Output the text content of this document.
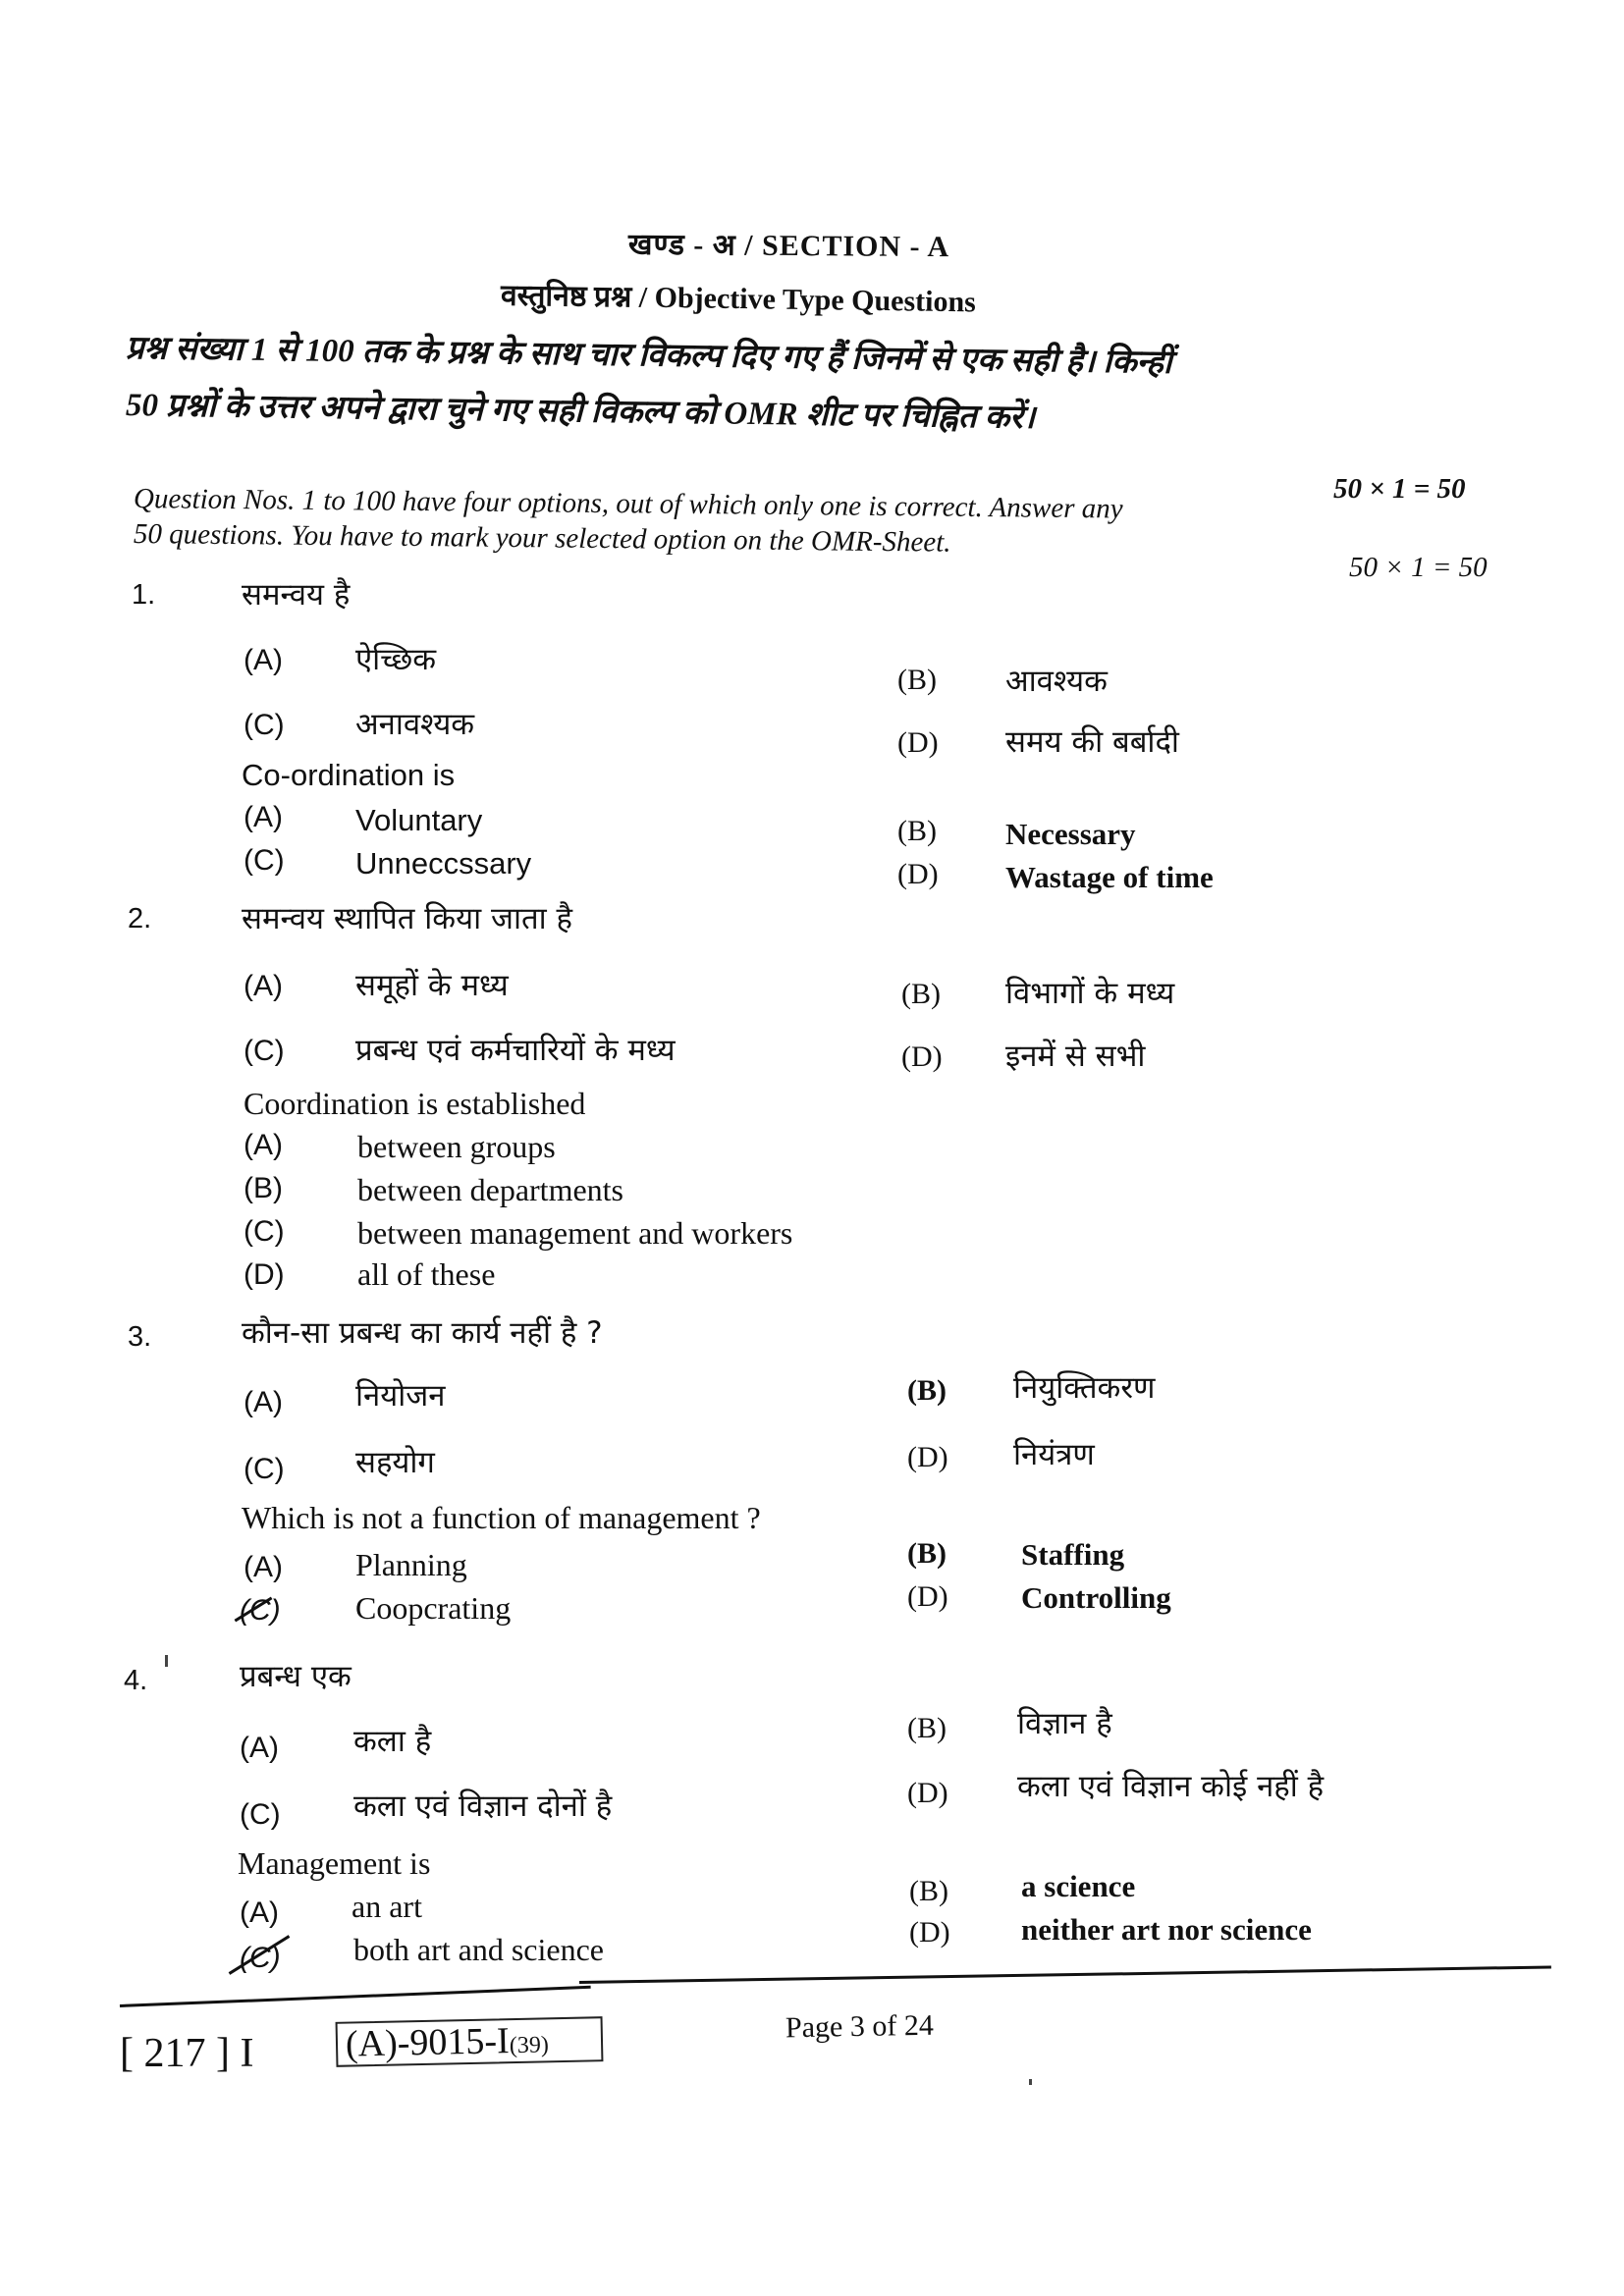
खण्ड - अ / SECTION - A
वस्तुनिष्ठ प्रश्न / Objective Type Questions
प्रश्न संख्या 1 से 100 तक के प्रश्न के साथ चार विकल्प दिए गए हैं जिनमें से एक सही है। किन्हीं
50 प्रश्नों के उत्तर अपने द्वारा चुने गए सही विकल्प को OMR शीट पर चिह्नित करें।
50 × 1 = 50
Question Nos. 1 to 100 have four options, out of which only one is correct. Answer any
50 questions. You have to mark your selected option on the OMR-Sheet.
50 × 1 = 50
1.	समन्वय है
(A) ऐच्छिक
(B) आवश्यक
(C) अनावश्यक
(D) समय की बर्बादी
Co-ordination is
(A) Voluntary	(B) Necessary
(C) Unneccssary	(D) Wastage of time
2.	समन्वय स्थापित किया जाता है
(A) समूहों के मध्य	(B) विभागों के मध्य
(C) प्रबन्ध एवं कर्मचारियों के मध्य	(D) इनमें से सभी
Coordination is established
(A) between groups
(B) between departments
(C) between management and workers
(D) all of these
3.	कौन-सा प्रबन्ध का कार्य नहीं है ?
(A) नियोजन	(B) नियुक्तिकरण
(C) सहयोग	(D) नियंत्रण
Which is not a function of management ?
(A) Planning	(B) Staffing
(C) Coopcrating	(D) Controlling
4.	प्रबन्ध एक
(A) कला है	(B) विज्ञान है
(C) कला एवं विज्ञान दोनों है	(D) कला एवं विज्ञान कोई नहीं है
Management is
(A) an art	(B) a science
(C) both art and science	(D) neither art nor science
[ 217 ] I (A)-9015-I(39)
Page 3 of 24
